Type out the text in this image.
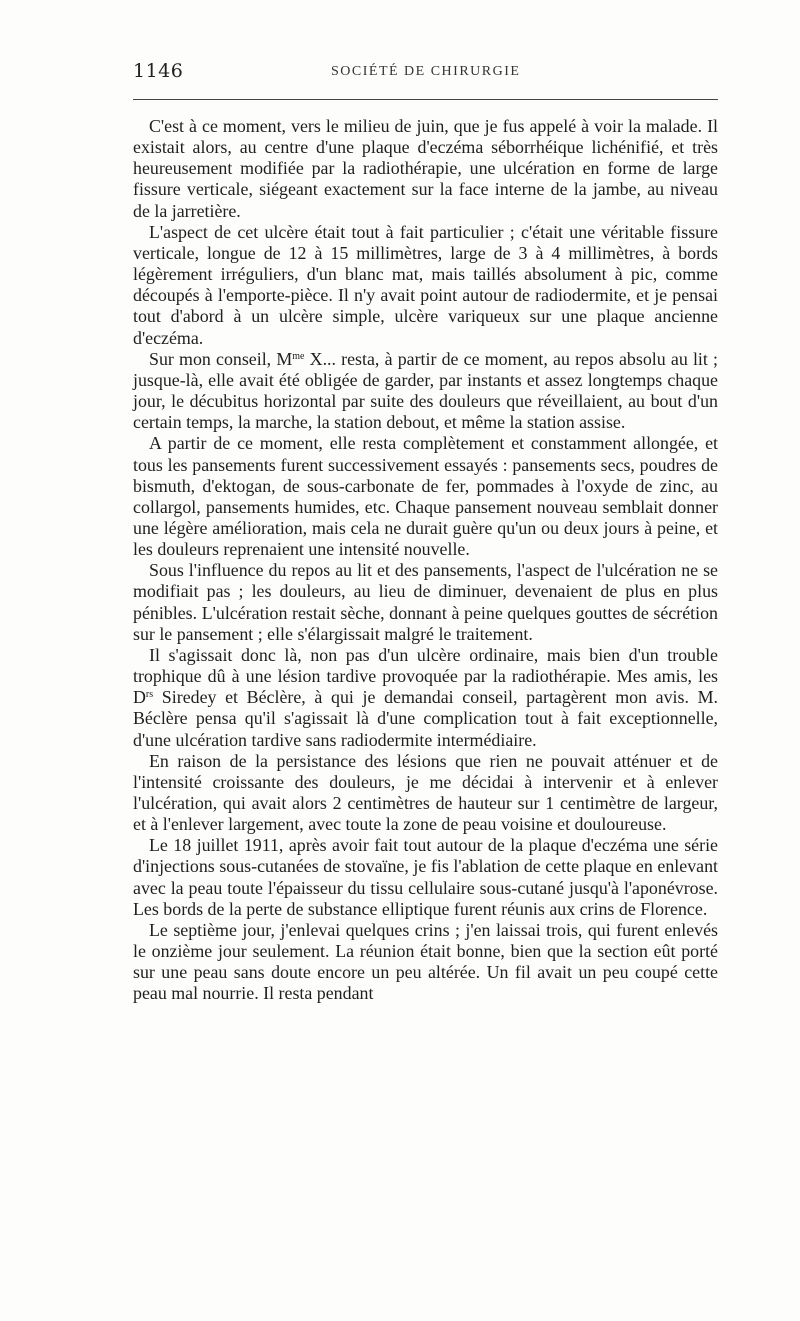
1146	SOCIÉTÉ DE CHIRURGIE

C'est à ce moment, vers le milieu de juin, que je fus appelé à voir la malade. Il existait alors, au centre d'une plaque d'eczéma séborrhéique lichénifié, et très heureusement modifiée par la radiothérapie, une ulcération en forme de large fissure verticale, siégeant exactement sur la face interne de la jambe, au niveau de la jarretière.

L'aspect de cet ulcère était tout à fait particulier ; c'était une véritable fissure verticale, longue de 12 à 15 millimètres, large de 3 à 4 millimètres, à bords légèrement irréguliers, d'un blanc mat, mais taillés absolument à pic, comme découpés à l'emporte-pièce. Il n'y avait point autour de radiodermite, et je pensai tout d'abord à un ulcère simple, ulcère variqueux sur une plaque ancienne d'eczéma.

Sur mon conseil, $M^{me}$ X... resta, à partir de ce moment, au repos absolu au lit ; jusque-là, elle avait été obligée de garder, par instants et assez longtemps chaque jour, le décubitus horizontal par suite des douleurs que réveillaient, au bout d'un certain temps, la marche, la station debout, et même la station assise.

A partir de ce moment, elle resta complètement et constamment allongée, et tous les pansements furent successivement essayés : pansements secs, poudres de bismuth, d'ektogan, de sous-carbonate de fer, pommades à l'oxyde de zinc, au collargol, pansements humides, etc. Chaque pansement nouveau semblait donner une légère amélioration, mais cela ne durait guère qu'un ou deux jours à peine, et les douleurs reprenaient une intensité nouvelle.

Sous l'influence du repos au lit et des pansements, l'aspect de l'ulcération ne se modifiait pas ; les douleurs, au lieu de diminuer, devenaient de plus en plus pénibles. L'ulcération restait sèche, donnant à peine quelques gouttes de sécrétion sur le pansement ; elle s'élargissait malgré le traitement.

Il s'agissait donc là, non pas d'un ulcère ordinaire, mais bien d'un trouble trophique dû à une lésion tardive provoquée par la radiothérapie. Mes amis, les $D^{rs}$ Siredey et Béclère, à qui je demandai conseil, partagèrent mon avis. M. Béclère pensa qu'il s'agissait là d'une complication tout à fait exceptionnelle, d'une ulcération tardive sans radiodermite intermédiaire.

En raison de la persistance des lésions que rien ne pouvait atténuer et de l'intensité croissante des douleurs, je me décidai à intervenir et à enlever l'ulcération, qui avait alors 2 centimètres de hauteur sur 1 centimètre de largeur, et à l'enlever largement, avec toute la zone de peau voisine et douloureuse.

Le 18 juillet 1911, après avoir fait tout autour de la plaque d'eczéma une série d'injections sous-cutanées de stovaïne, je fis l'ablation de cette plaque en enlevant avec la peau toute l'épaisseur du tissu cellulaire sous-cutané jusqu'à l'aponévrose. Les bords de la perte de substance elliptique furent réunis aux crins de Florence.

Le septième jour, j'enlevai quelques crins ; j'en laissai trois, qui furent enlevés le onzième jour seulement. La réunion était bonne, bien que la section eût porté sur une peau sans doute encore un peu altérée. Un fil avait un peu coupé cette peau mal nourrie. Il resta pendant
